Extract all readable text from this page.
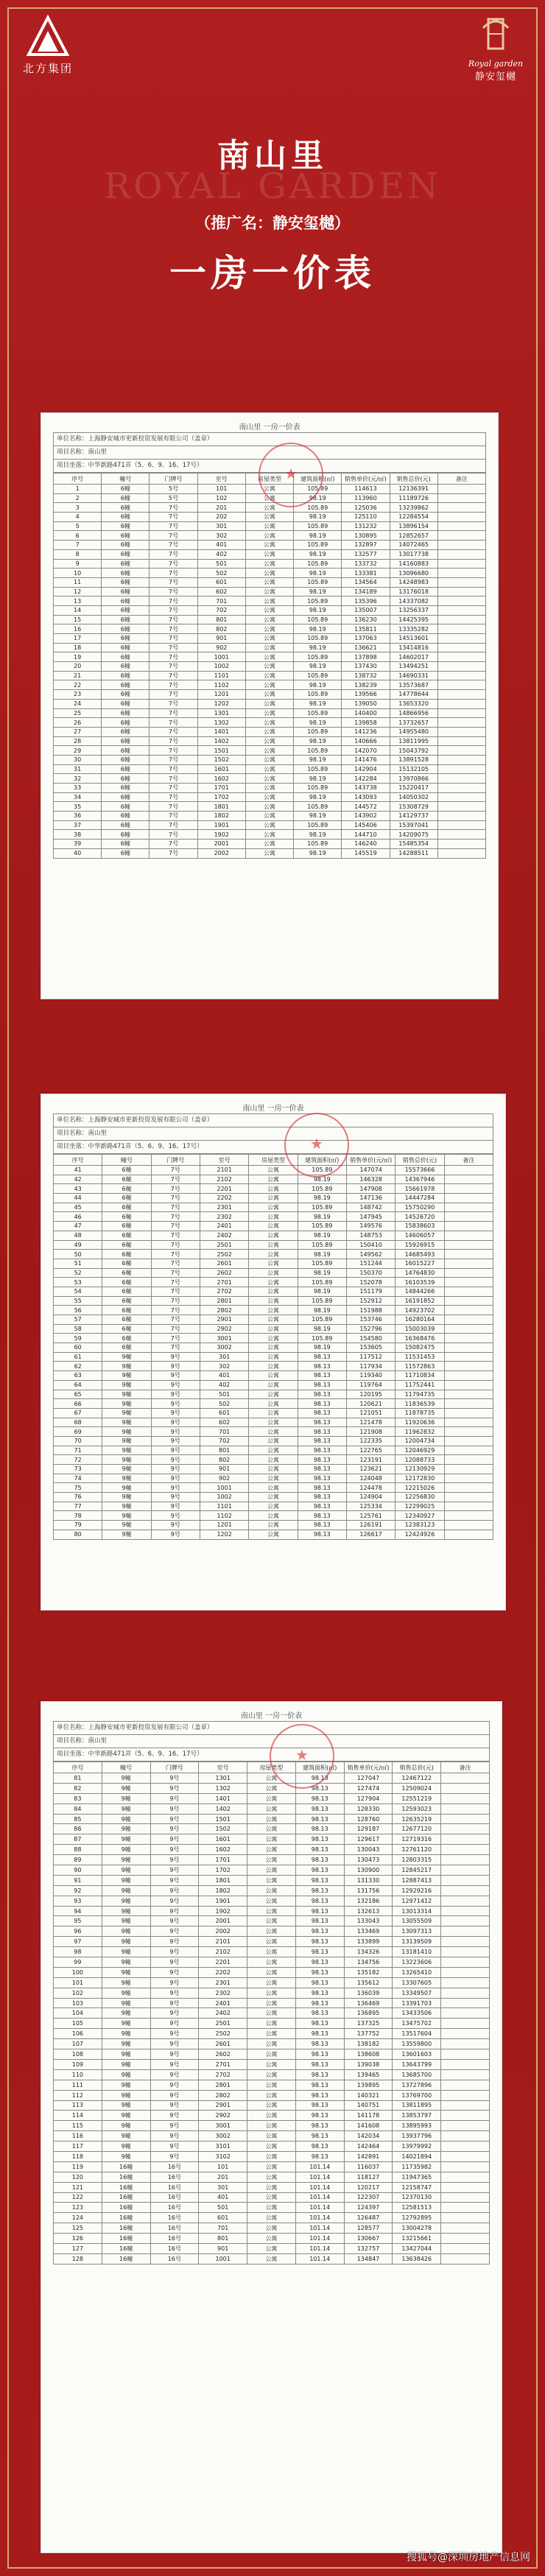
北方集团	Royal garden
静安玺樾
南山里
ROYAL GARDEN
（推广名：静安玺樾）
一房一价表
南山里 一房一价表
单位名称：上海静安城市更新投资发展有限公司（盖章）
项目名称：南山里
项目坐落：中华新路471弄（5、6、9、16、17号）	★
序号	幢号	门牌号	室号	房屋类型	建筑面积(㎡)	销售单价(元/㎡)	销售总价(元)	备注
1	6幢	5号	101	公寓	105.89	114613	12136391	
2	6幢	5号	102	公寓	98.19	113960	11189726	
3	6幢	7号	201	公寓	105.89	125036	13239862	
4	6幢	7号	202	公寓	98.19	125110	12284554	
5	6幢	7号	301	公寓	105.89	131232	13896154	
6	6幢	7号	302	公寓	98.19	130895	12852657	
7	6幢	7号	401	公寓	105.89	132897	14072465	
8	6幢	7号	402	公寓	98.19	132577	13017738	
9	6幢	7号	501	公寓	105.89	133732	14160883	
10	6幢	7号	502	公寓	98.19	133381	13096680	
11	6幢	7号	601	公寓	105.89	134564	14248983	
12	6幢	7号	602	公寓	98.19	134189	13176018	
13	6幢	7号	701	公寓	105.89	135396	14337082	
14	6幢	7号	702	公寓	98.19	135007	13256337	
15	6幢	7号	801	公寓	105.89	136230	14425395	
16	6幢	7号	802	公寓	98.19	135811	13335282	
17	6幢	7号	901	公寓	105.89	137063	14513601	
18	6幢	7号	902	公寓	98.19	136621	13414816	
19	6幢	7号	1001	公寓	105.89	137898	14602017	
20	6幢	7号	1002	公寓	98.19	137430	13494251	
21	6幢	7号	1101	公寓	105.89	138732	14690331	
22	6幢	7号	1102	公寓	98.19	138239	13573687	
23	6幢	7号	1201	公寓	105.89	139566	14778644	
24	6幢	7号	1202	公寓	98.19	139050	13653320	
25	6幢	7号	1301	公寓	105.89	140400	14866956	
26	6幢	7号	1302	公寓	98.19	139858	13732657	
27	6幢	7号	1401	公寓	105.89	141236	14955480	
28	6幢	7号	1402	公寓	98.19	140666	13811995	
29	6幢	7号	1501	公寓	105.89	142070	15043792	
30	6幢	7号	1502	公寓	98.19	141476	13891528	
31	6幢	7号	1601	公寓	105.89	142904	15132105	
32	6幢	7号	1602	公寓	98.19	142284	13970866	
33	6幢	7号	1701	公寓	105.89	143738	15220417	
34	6幢	7号	1702	公寓	98.19	143093	14050302	
35	6幢	7号	1801	公寓	105.89	144572	15308729	
36	6幢	7号	1802	公寓	98.19	143902	14129737	
37	6幢	7号	1901	公寓	105.89	145406	15397041	
38	6幢	7号	1902	公寓	98.19	144710	14209075	
39	6幢	7号	2001	公寓	105.89	146240	15485354	
40	6幢	7号	2002	公寓	98.19	145519	14288511	
南山里 一房一价表
单位名称：上海静安城市更新投资发展有限公司（盖章）
项目名称：南山里
项目坐落：中华新路471弄（5、6、9、16、17号）	★
序号	幢号	门牌号	室号	房屋类型	建筑面积(㎡)	销售单价(元/㎡)	销售总价(元)	备注
41	6幢	7号	2101	公寓	105.89	147074	15573666	
42	6幢	7号	2102	公寓	98.19	146328	14367946	
43	6幢	7号	2201	公寓	105.89	147908	15661978	
44	6幢	7号	2202	公寓	98.19	147136	14447284	
45	6幢	7号	2301	公寓	105.89	148742	15750290	
46	6幢	7号	2302	公寓	98.19	147945	14526720	
47	6幢	7号	2401	公寓	105.89	149576	15838603	
48	6幢	7号	2402	公寓	98.19	148753	14606057	
49	6幢	7号	2501	公寓	105.89	150410	15926915	
50	6幢	7号	2502	公寓	98.19	149562	14685493	
51	6幢	7号	2601	公寓	105.89	151244	16015227	
52	6幢	7号	2602	公寓	98.19	150370	14764830	
53	6幢	7号	2701	公寓	105.89	152078	16103539	
54	6幢	7号	2702	公寓	98.19	151179	14844266	
55	6幢	7号	2801	公寓	105.89	152912	16191852	
56	6幢	7号	2802	公寓	98.19	151988	14923702	
57	6幢	7号	2901	公寓	105.89	153746	16280164	
58	6幢	7号	2902	公寓	98.19	152796	15003039	
59	6幢	7号	3001	公寓	105.89	154580	16368476	
60	6幢	7号	3002	公寓	98.19	153605	15082475	
61	9幢	9号	301	公寓	98.13	117512	11531453	
62	9幢	9号	302	公寓	98.13	117934	11572863	
63	9幢	9号	401	公寓	98.13	119340	11710834	
64	9幢	9号	402	公寓	98.13	119764	11752441	
65	9幢	9号	501	公寓	98.13	120195	11794735	
66	9幢	9号	502	公寓	98.13	120621	11836539	
67	9幢	9号	601	公寓	98.13	121051	11878735	
68	9幢	9号	602	公寓	98.13	121478	11920636	
69	9幢	9号	701	公寓	98.13	121908	11962832	
70	9幢	9号	702	公寓	98.13	122335	12004734	
71	9幢	9号	801	公寓	98.13	122765	12046929	
72	9幢	9号	802	公寓	98.13	123191	12088733	
73	9幢	9号	901	公寓	98.13	123621	12130929	
74	9幢	9号	902	公寓	98.13	124048	12172830	
75	9幢	9号	1001	公寓	98.13	124478	12215026	
76	9幢	9号	1002	公寓	98.13	124904	12256830	
77	9幢	9号	1101	公寓	98.13	125334	12299025	
78	9幢	9号	1102	公寓	98.13	125761	12340927	
79	9幢	9号	1201	公寓	98.13	126191	12383123	
80	9幢	9号	1202	公寓	98.13	126617	12424926	
南山里 一房一价表
单位名称：上海静安城市更新投资发展有限公司（盖章）
项目名称：南山里
项目坐落：中华新路471弄（5、6、9、16、17号）	★
序号	幢号	门牌号	室号	房屋类型	建筑面积(㎡)	销售单价(元/㎡)	销售总价(元)	备注
81	9幢	9号	1301	公寓	98.13	127047	12467122	
82	9幢	9号	1302	公寓	98.13	127474	12509024	
83	9幢	9号	1401	公寓	98.13	127904	12551219	
84	9幢	9号	1402	公寓	98.13	128330	12593023	
85	9幢	9号	1501	公寓	98.13	128760	12635219	
86	9幢	9号	1502	公寓	98.13	129187	12677120	
87	9幢	9号	1601	公寓	98.13	129617	12719316	
88	9幢	9号	1602	公寓	98.13	130043	12761120	
89	9幢	9号	1701	公寓	98.13	130473	12803315	
90	9幢	9号	1702	公寓	98.13	130900	12845217	
91	9幢	9号	1801	公寓	98.13	131330	12887413	
92	9幢	9号	1802	公寓	98.13	131756	12929216	
93	9幢	9号	1901	公寓	98.13	132186	12971412	
94	9幢	9号	1902	公寓	98.13	132613	13013314	
95	9幢	9号	2001	公寓	98.13	133043	13055509	
96	9幢	9号	2002	公寓	98.13	133469	13097313	
97	9幢	9号	2101	公寓	98.13	133899	13139509	
98	9幢	9号	2102	公寓	98.13	134326	13181410	
99	9幢	9号	2201	公寓	98.13	134756	13223606	
100	9幢	9号	2202	公寓	98.13	135182	13265410	
101	9幢	9号	2301	公寓	98.13	135612	13307605	
102	9幢	9号	2302	公寓	98.13	136039	13349507	
103	9幢	9号	2401	公寓	98.13	136469	13391703	
104	9幢	9号	2402	公寓	98.13	136895	13433506	
105	9幢	9号	2501	公寓	98.13	137325	13475702	
106	9幢	9号	2502	公寓	98.13	137752	13517604	
107	9幢	9号	2601	公寓	98.13	138182	13559800	
108	9幢	9号	2602	公寓	98.13	138608	13601603	
109	9幢	9号	2701	公寓	98.13	139038	13643799	
110	9幢	9号	2702	公寓	98.13	139465	13685700	
111	9幢	9号	2801	公寓	98.13	139895	13727896	
112	9幢	9号	2802	公寓	98.13	140321	13769700	
113	9幢	9号	2901	公寓	98.13	140751	13811895	
114	9幢	9号	2902	公寓	98.13	141178	13853797	
115	9幢	9号	3001	公寓	98.13	141608	13895993	
116	9幢	9号	3002	公寓	98.13	142034	13937796	
117	9幢	9号	3101	公寓	98.13	142464	13979992	
118	9幢	9号	3102	公寓	98.13	142891	14021894	
119	16幢	16号	101	公寓	101.14	116037	11735982	
120	16幢	16号	201	公寓	101.14	118127	11947365	
121	16幢	16号	301	公寓	101.14	120217	12158747	
122	16幢	16号	401	公寓	101.14	122307	12370130	
123	16幢	16号	501	公寓	101.14	124397	12581513	
124	16幢	16号	601	公寓	101.14	126487	12792895	
125	16幢	16号	701	公寓	101.14	128577	13004278	
126	16幢	16号	801	公寓	101.14	130667	13215661	
127	16幢	16号	901	公寓	101.14	132757	13427044	
128	16幢	16号	1001	公寓	101.14	134847	13638426	
搜狐号@深圳房地产信息网
